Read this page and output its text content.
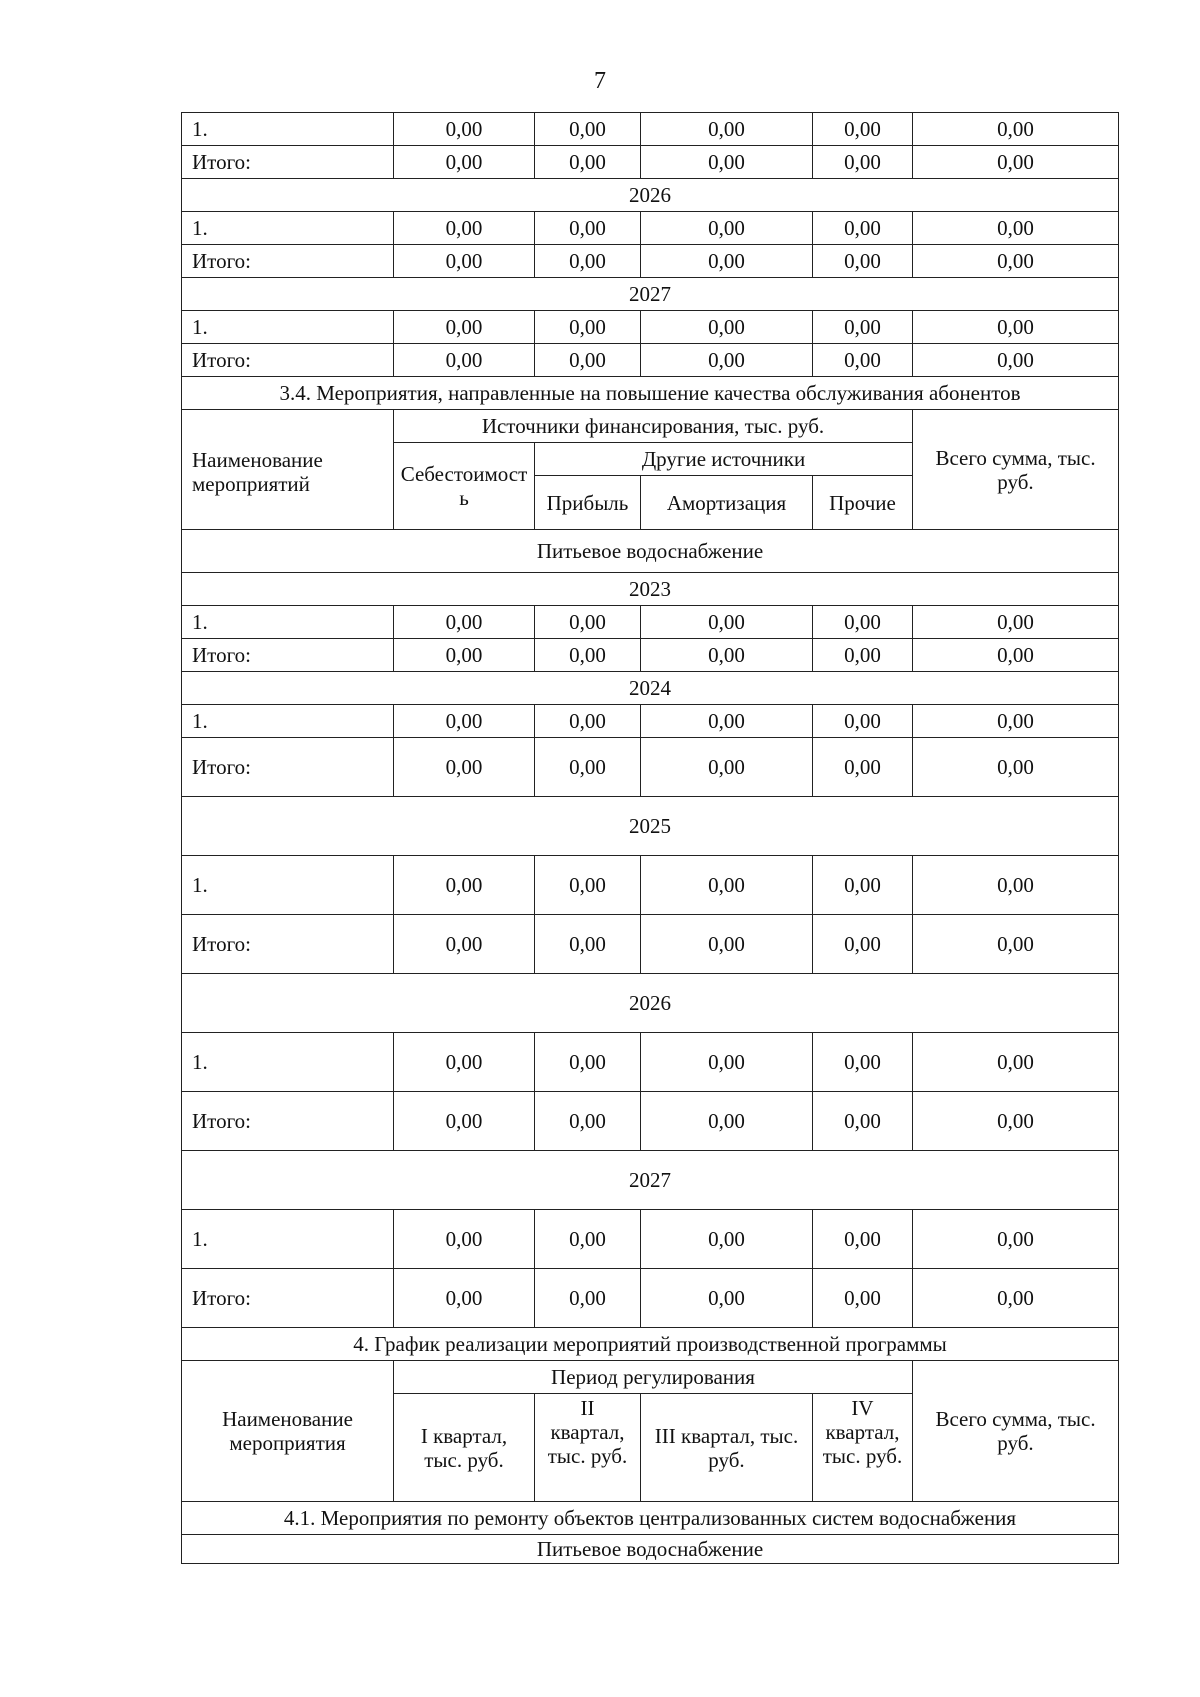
7
1.	0,00	0,00	0,00	0,00	0,00
Итого:	0,00	0,00	0,00	0,00	0,00
2026					
1.	0,00	0,00	0,00	0,00	0,00
Итого:	0,00	0,00	0,00	0,00	0,00
2027					
1.	0,00	0,00	0,00	0,00	0,00
Итого:	0,00	0,00	0,00	0,00	0,00
3.4. Мероприятия, направленные на повышение качества обслуживания абонентов					
Наименование мероприятий	Источники финансирования, тыс. руб.				Всего сумма, тыс. руб.
	Себестоимость	Другие источники			
		Прибыль	Амортизация	Прочие	
Питьевое водоснабжение					
2023					
1.	0,00	0,00	0,00	0,00	0,00
Итого:	0,00	0,00	0,00	0,00	0,00
2024					
1.	0,00	0,00	0,00	0,00	0,00
Итого:	0,00	0,00	0,00	0,00	0,00
2025					
1.	0,00	0,00	0,00	0,00	0,00
Итого:	0,00	0,00	0,00	0,00	0,00
2026					
1.	0,00	0,00	0,00	0,00	0,00
Итого:	0,00	0,00	0,00	0,00	0,00
2027					
1.	0,00	0,00	0,00	0,00	0,00
Итого:	0,00	0,00	0,00	0,00	0,00
4. График реализации мероприятий производственной программы					
Наименование мероприятия	Период регулирования				Всего сумма, тыс. руб.
	I квартал, тыс. руб.	II квартал, тыс. руб.	III квартал, тыс. руб.	IV квартал, тыс. руб.	
4.1. Мероприятия по ремонту объектов централизованных систем водоснабжения					
Питьевое водоснабжение					
